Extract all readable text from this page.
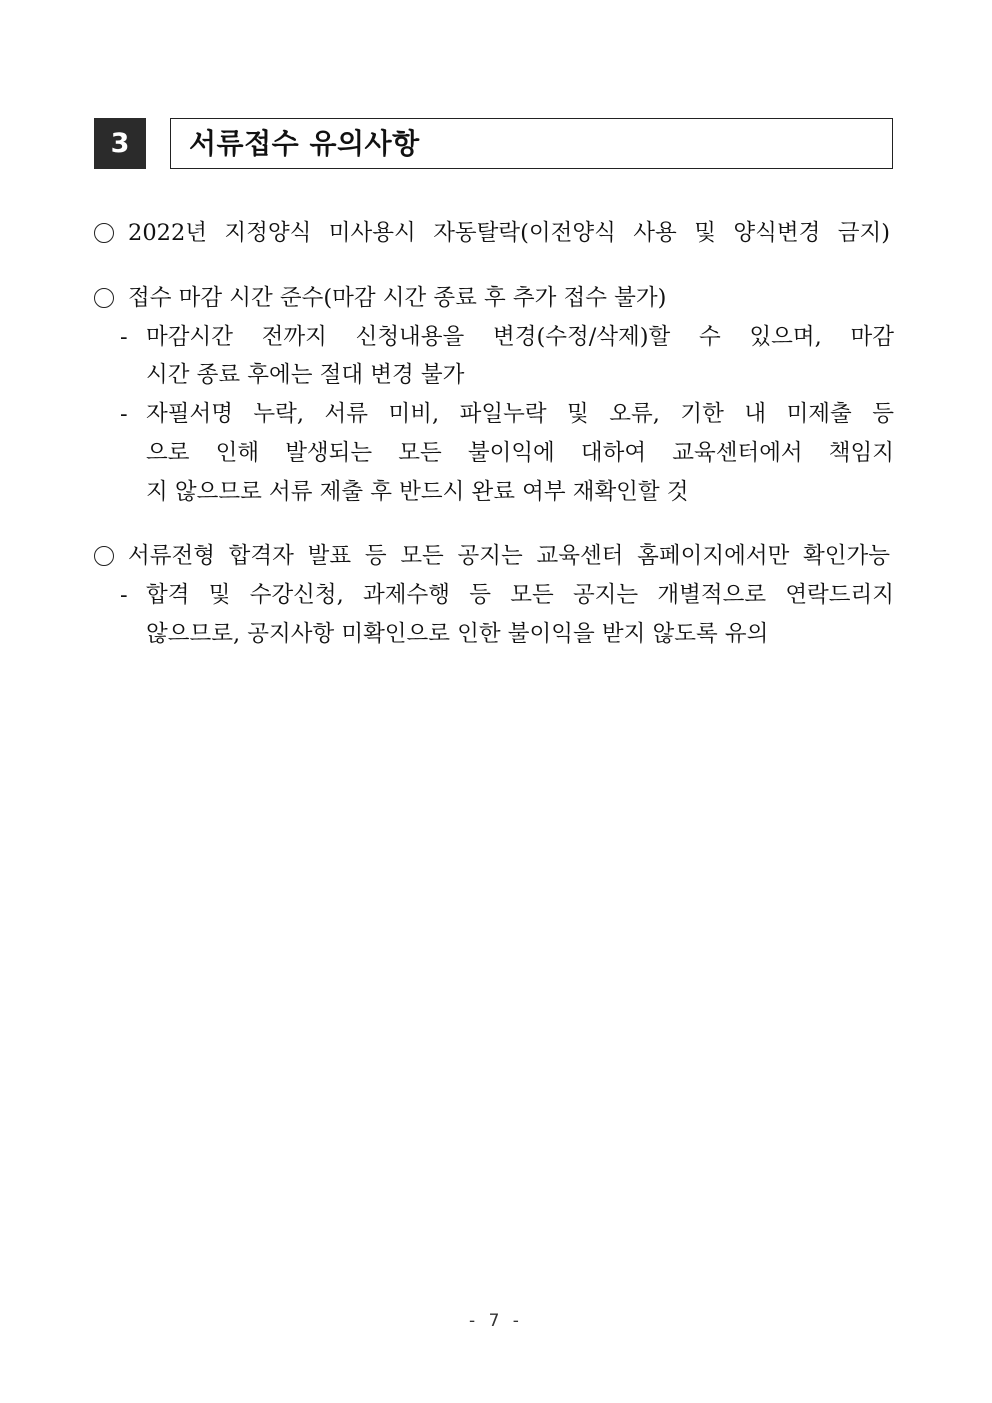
3	서류접수 유의사항
2022년 지정양식 미사용시 자동탈락(이전양식 사용 및 양식변경 금지)
접수 마감 시간 준수(마감 시간 종료 후 추가 접수 불가)
- 마감시간 전까지 신청내용을 변경(수정/삭제)할 수 있으며, 마감
시간 종료 후에는 절대 변경 불가
- 자필서명 누락, 서류 미비, 파일누락 및 오류, 기한 내 미제출 등
으로 인해 발생되는 모든 불이익에 대하여 교육센터에서 책임지
지 않으므로 서류 제출 후 반드시 완료 여부 재확인할 것
서류전형 합격자 발표 등 모든 공지는 교육센터 홈페이지에서만 확인가능
- 합격 및 수강신청, 과제수행 등 모든 공지는 개별적으로 연락드리지
않으므로, 공지사항 미확인으로 인한 불이익을 받지 않도록 유의
- 7 -
